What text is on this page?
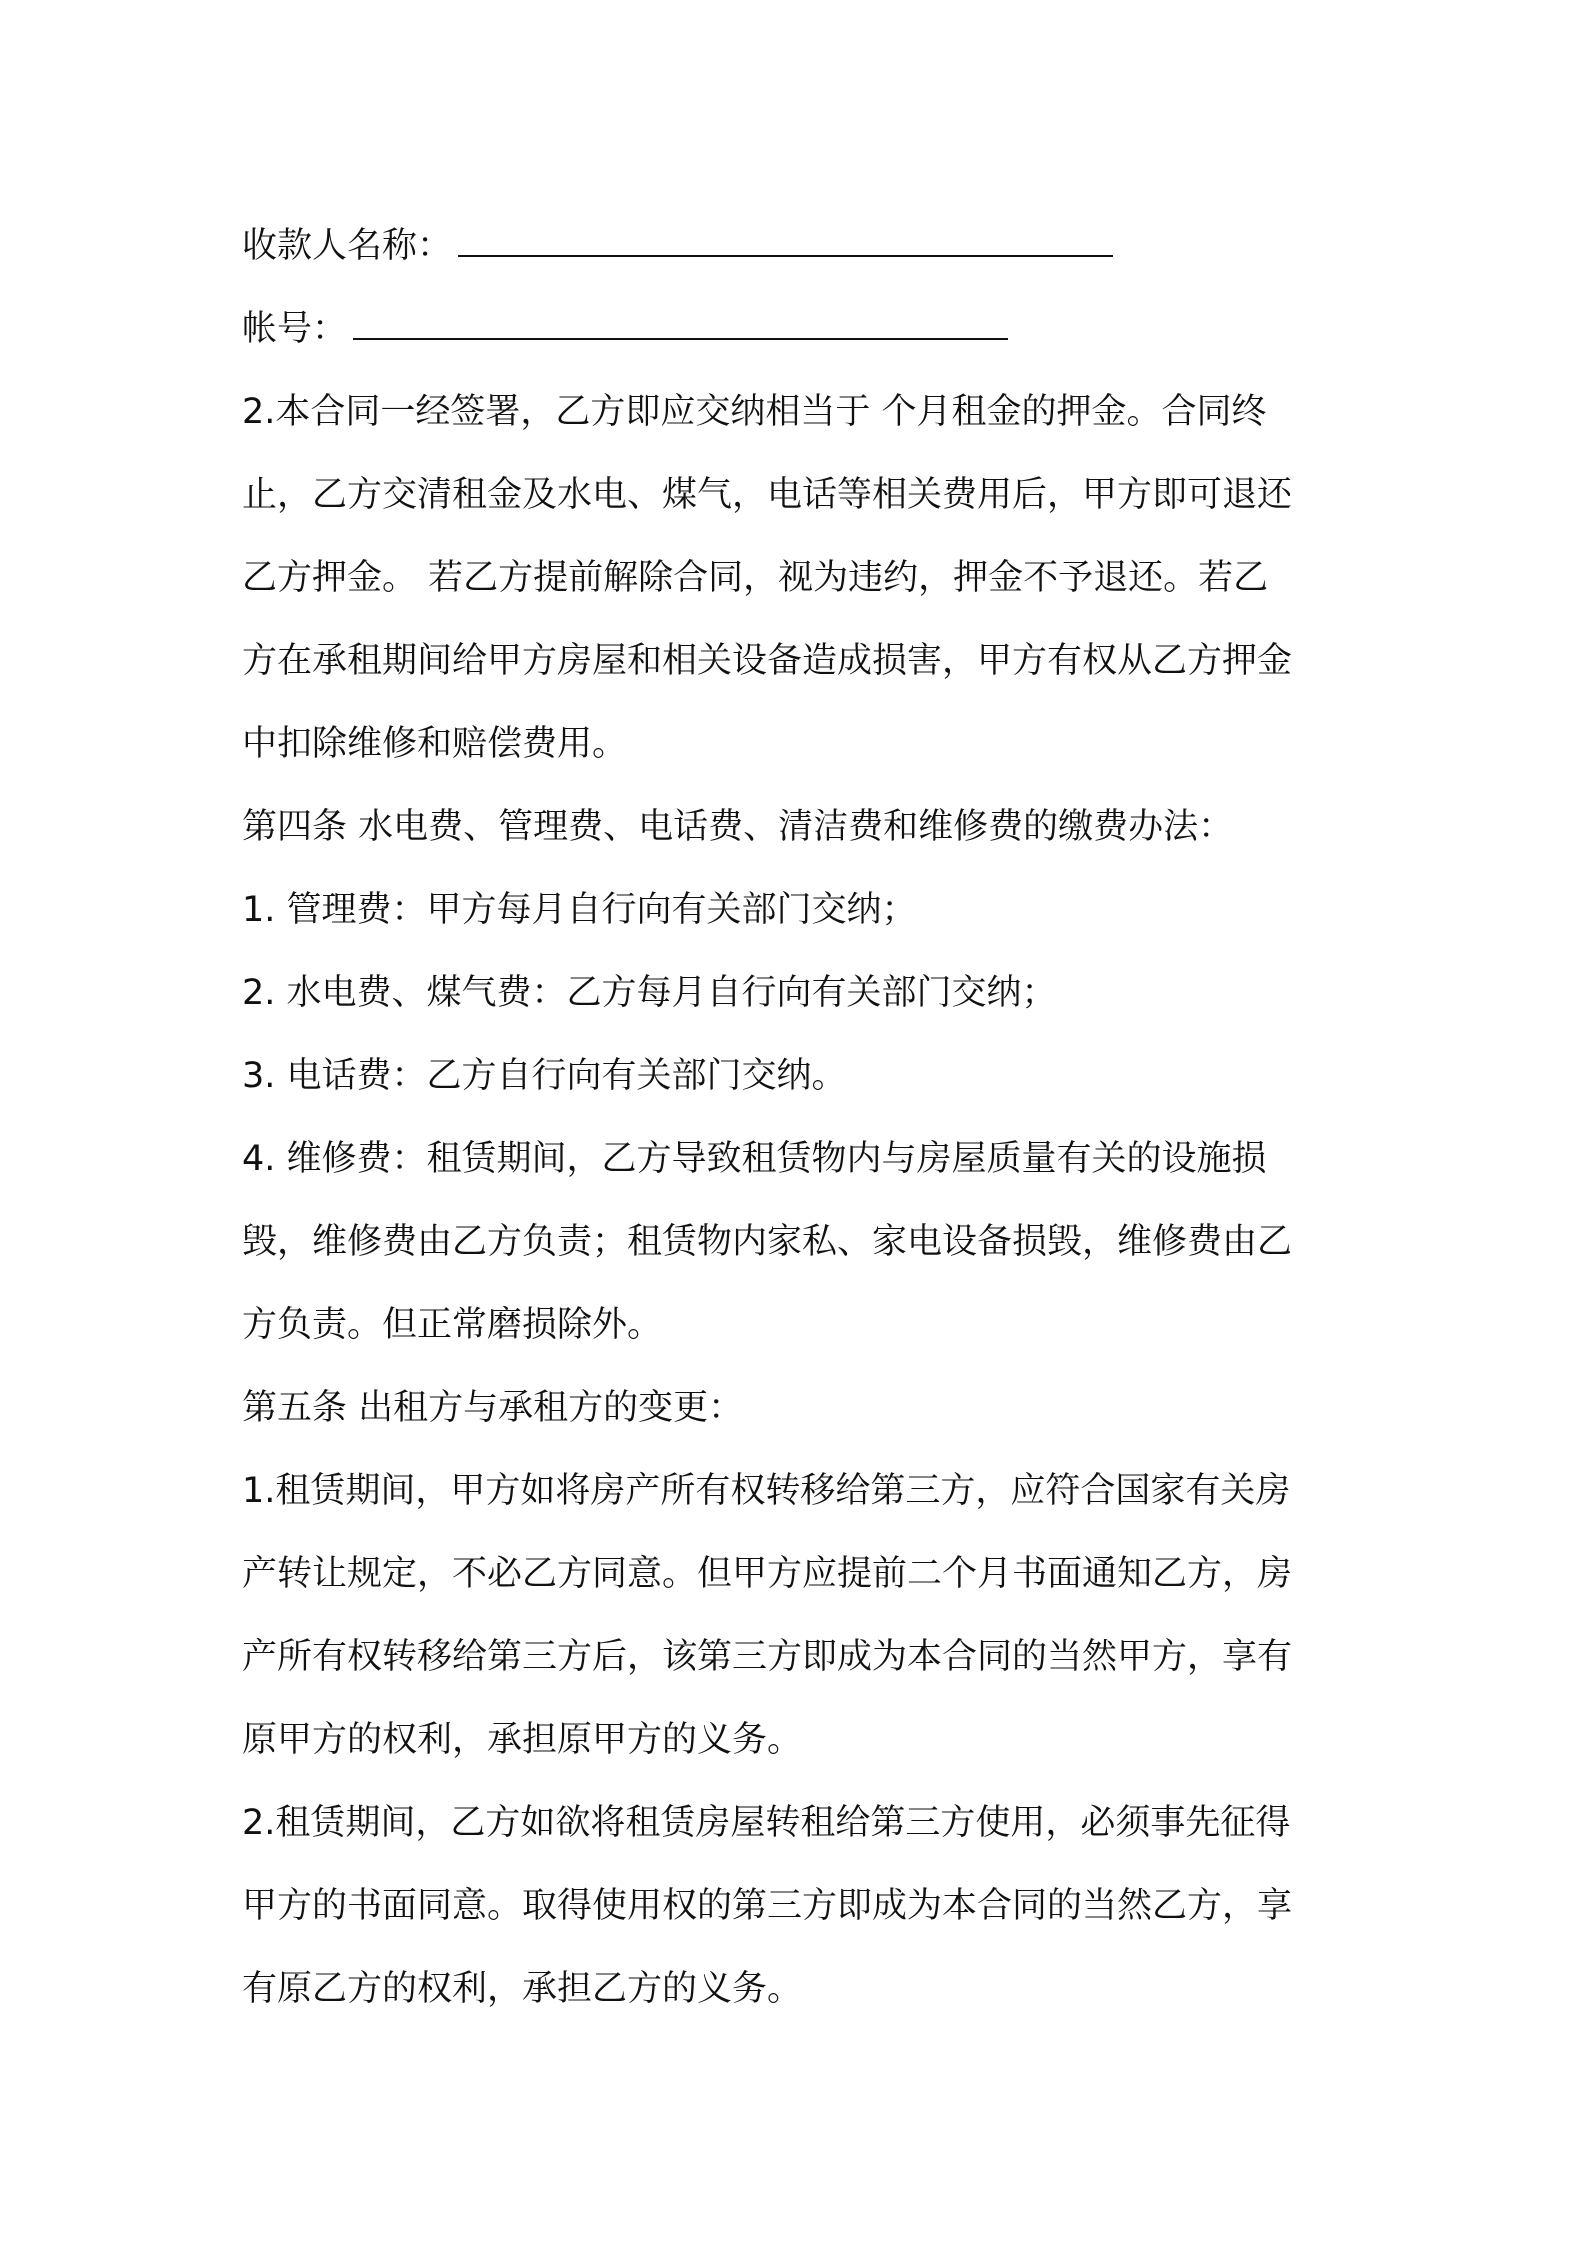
收款人名称：
帐号：
2.本合同一经签署，乙方即应交纳相当于 个月租金的押金。合同终
止，乙方交清租金及水电、煤气，电话等相关费用后，甲方即可退还
乙方押金。 若乙方提前解除合同，视为违约，押金不予退还。若乙
方在承租期间给甲方房屋和相关设备造成损害，甲方有权从乙方押金
中扣除维修和赔偿费用。
第四条 水电费、管理费、电话费、清洁费和维修费的缴费办法：
1. 管理费：甲方每月自行向有关部门交纳；
2. 水电费、煤气费：乙方每月自行向有关部门交纳；
3. 电话费：乙方自行向有关部门交纳。
4. 维修费：租赁期间，乙方导致租赁物内与房屋质量有关的设施损
毁，维修费由乙方负责；租赁物内家私、家电设备损毁，维修费由乙
方负责。但正常磨损除外。
第五条 出租方与承租方的变更：
1.租赁期间，甲方如将房产所有权转移给第三方，应符合国家有关房
产转让规定，不必乙方同意。但甲方应提前二个月书面通知乙方，房
产所有权转移给第三方后，该第三方即成为本合同的当然甲方，享有
原甲方的权利，承担原甲方的义务。
2.租赁期间，乙方如欲将租赁房屋转租给第三方使用，必须事先征得
甲方的书面同意。取得使用权的第三方即成为本合同的当然乙方，享
有原乙方的权利，承担乙方的义务。
